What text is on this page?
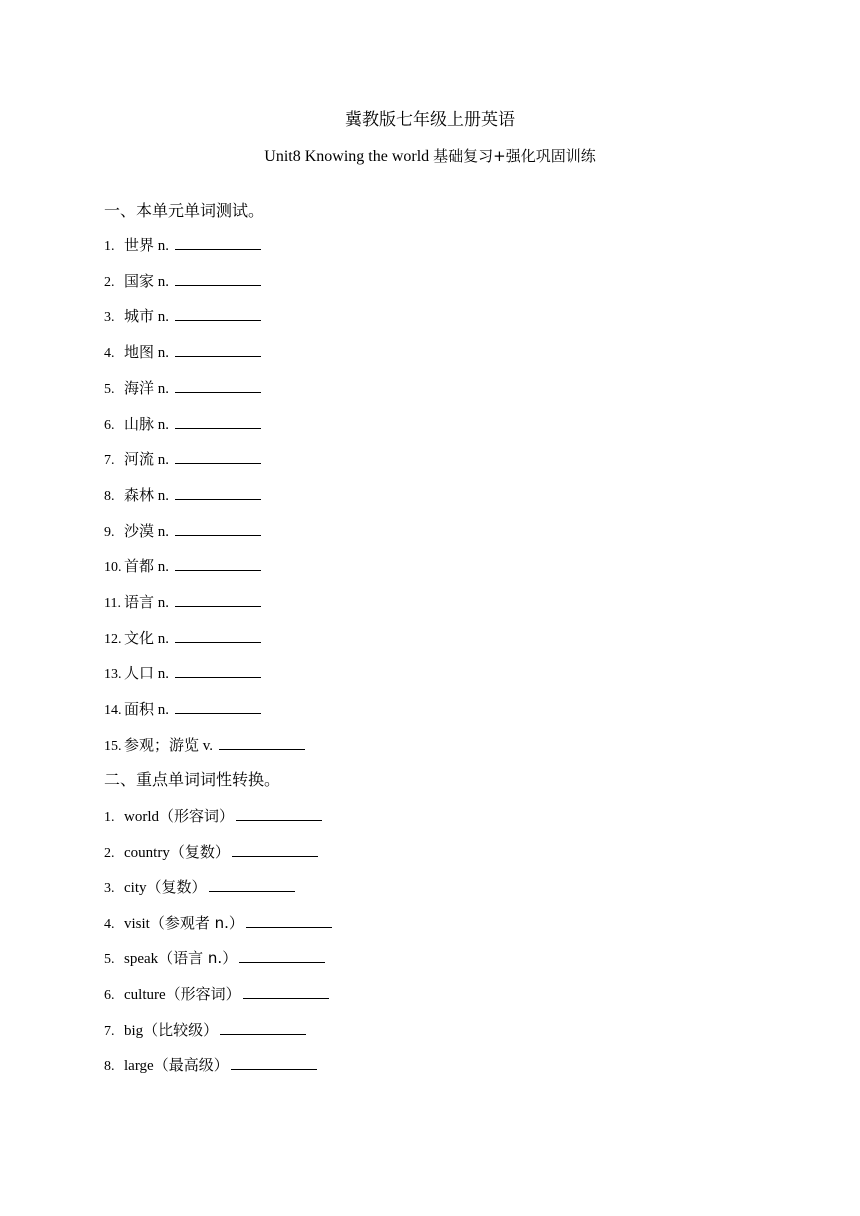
冀教版七年级上册英语
Unit8 Knowing the world 基础复习+强化巩固训练
一、本单元单词测试。
1. 世界 n.
2. 国家 n.
3. 城市 n.
4. 地图 n.
5. 海洋 n.
6. 山脉 n.
7. 河流 n.
8. 森林 n.
9. 沙漠 n.
10. 首都 n.
11. 语言 n.
12. 文化 n.
13. 人口 n.
14. 面积 n.
15. 参观；游览 v.
二、重点单词词性转换。
1. world（形容词）
2. country（复数）
3. city（复数）
4. visit（参观者 n.）
5. speak（语言 n.）
6. culture（形容词）
7. big（比较级）
8. large（最高级）
